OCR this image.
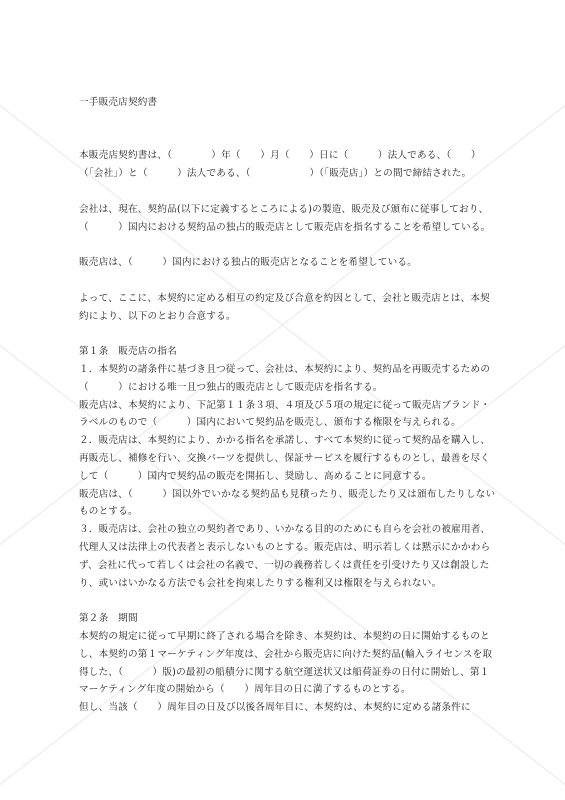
一手販売店契約書

本販売店契約書は、（　　　　）年（　　）月（　　）日に（　　　）法人である、（　　）（「会社」）と（　　　）法人である、（　　　　　　）（「販売店」）との間で締結された。

会社は、現在、契約品(以下に定義するところによる)の製造、販売及び頒布に従事しており、（　　　）国内における契約品の独占的販売店として販売店を指名することを希望している。

販売店は、（　　　）国内における独占的販売店となることを希望している。

よって、ここに、本契約に定める相互の約定及び合意を約因として、会社と販売店とは、本契約により、以下のとおり合意する。

第１条　販売店の指名

１．本契約の諸条件に基づき且つ従って、会社は、本契約により、契約品を再販売するための（　　　）における唯一且つ独占的販売店として販売店を指名する。

販売店は、本契約により、下記第１１条３項、４項及び５項の規定に従って販売店ブランド・ラベルのもので（　　　）国内において契約品を販売し、頒布する権限を与えられる。

２．販売店は、本契約により、かかる指名を承諾し、すべて本契約に従って契約品を購入し、再販売し、補修を行い、交換パーツを提供し、保証サービスを履行するものとし、最善を尽くして（　　　）国内で契約品の販売を開拓し、奨励し、高めることに同意する。

販売店は、（　　　）国以外でいかなる契約品も見積ったり、販売したり又は頒布したりしないものとする。

３．販売店は、会社の独立の契約者であり、いかなる目的のためにも自らを会社の被雇用者、代理人又は法律上の代表者と表示しないものとする。販売店は、明示若しくは黙示にかかわらず、会社に代って若しくは会社の名義で、一切の義務若しくは責任を引受けたり又は創設したり、或いはいかなる方法でも会社を拘束したりする権利又は権限を与えられない。

第２条　期間

本契約の規定に従って早期に終了される場合を除き、本契約は、本契約の日に開始するものとし、本契約の第１マーケティング年度は、会社から販売店に向けた契約品(輸入ライセンスを取得した、（　　　）版)の最初の船積分に関する航空運送状又は船荷証券の日付に開始し、第１マーケティング年度の開始から（　　）周年目の日に満了するものとする。

但し、当該（　　）周年目の日及び以後各周年目に、本契約は、本契約に定める諸条件に
